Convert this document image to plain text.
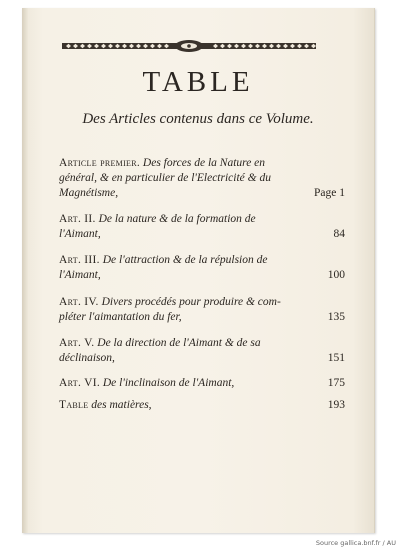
TABLE
Des Articles contenus dans ce Volume.
Article premier. Des forces de la Nature en
général, & en particulier de l'Electricité & du
Magnétisme,	Page 1
Art. II. De la nature & de la formation de
l'Aimant,	84
Art. III. De l'attraction & de la répulsion de
l'Aimant,	100
Art. IV. Divers procédés pour produire & com-
pléter l'aimantation du fer,	135
Art. V. De la direction de l'Aimant & de sa
déclinaison,	151
Art. VI. De l'inclinaison de l'Aimant,	175
Table des matières,	193
Source gallica.bnf.fr / AU
